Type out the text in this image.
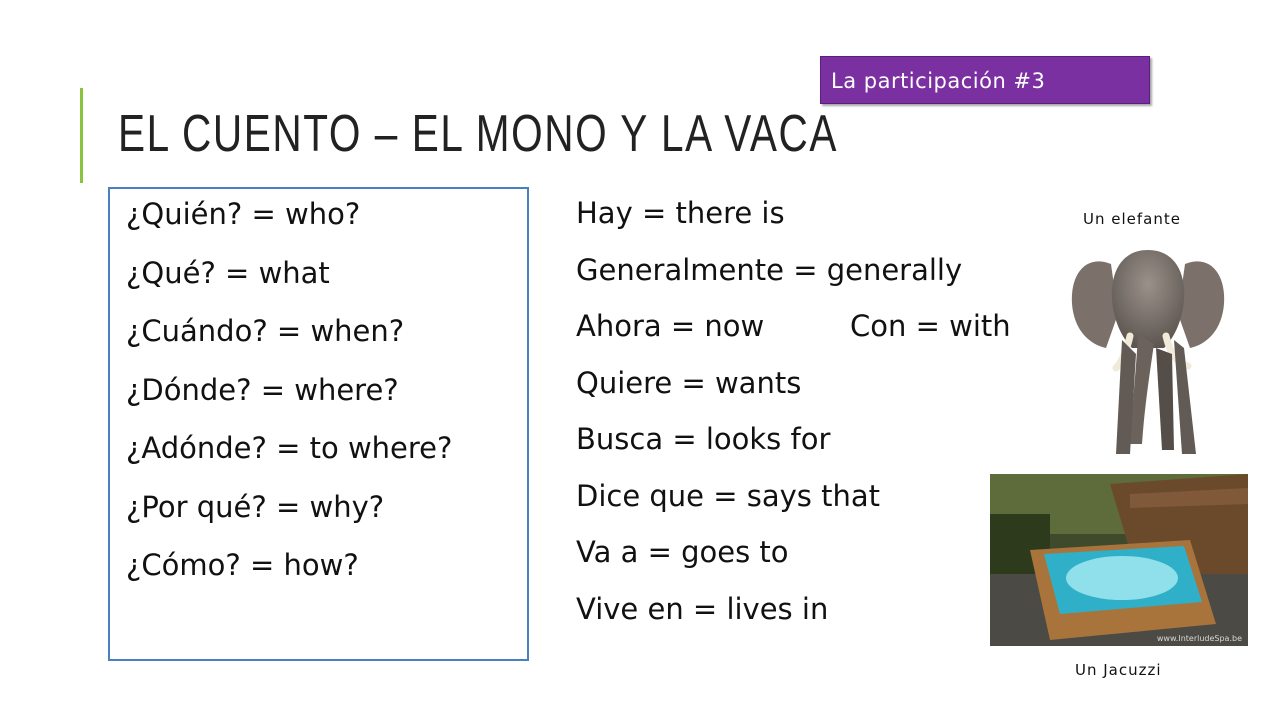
EL CUENTO – EL MONO Y LA VACA
La participación #3
¿Quién? = who?
¿Qué? = what
¿Cuándo? = when?
¿Dónde? = where?
¿Adónde? = to where?
¿Por qué? = why?
¿Cómo? = how?
Hay = there is
Generalmente = generally
Ahora = now	Con = with
Quiere = wants
Busca = looks for
Dice que = says that
Va a = goes to
Vive en = lives in
Un elefante
www.InterludeSpa.be
Un Jacuzzi
